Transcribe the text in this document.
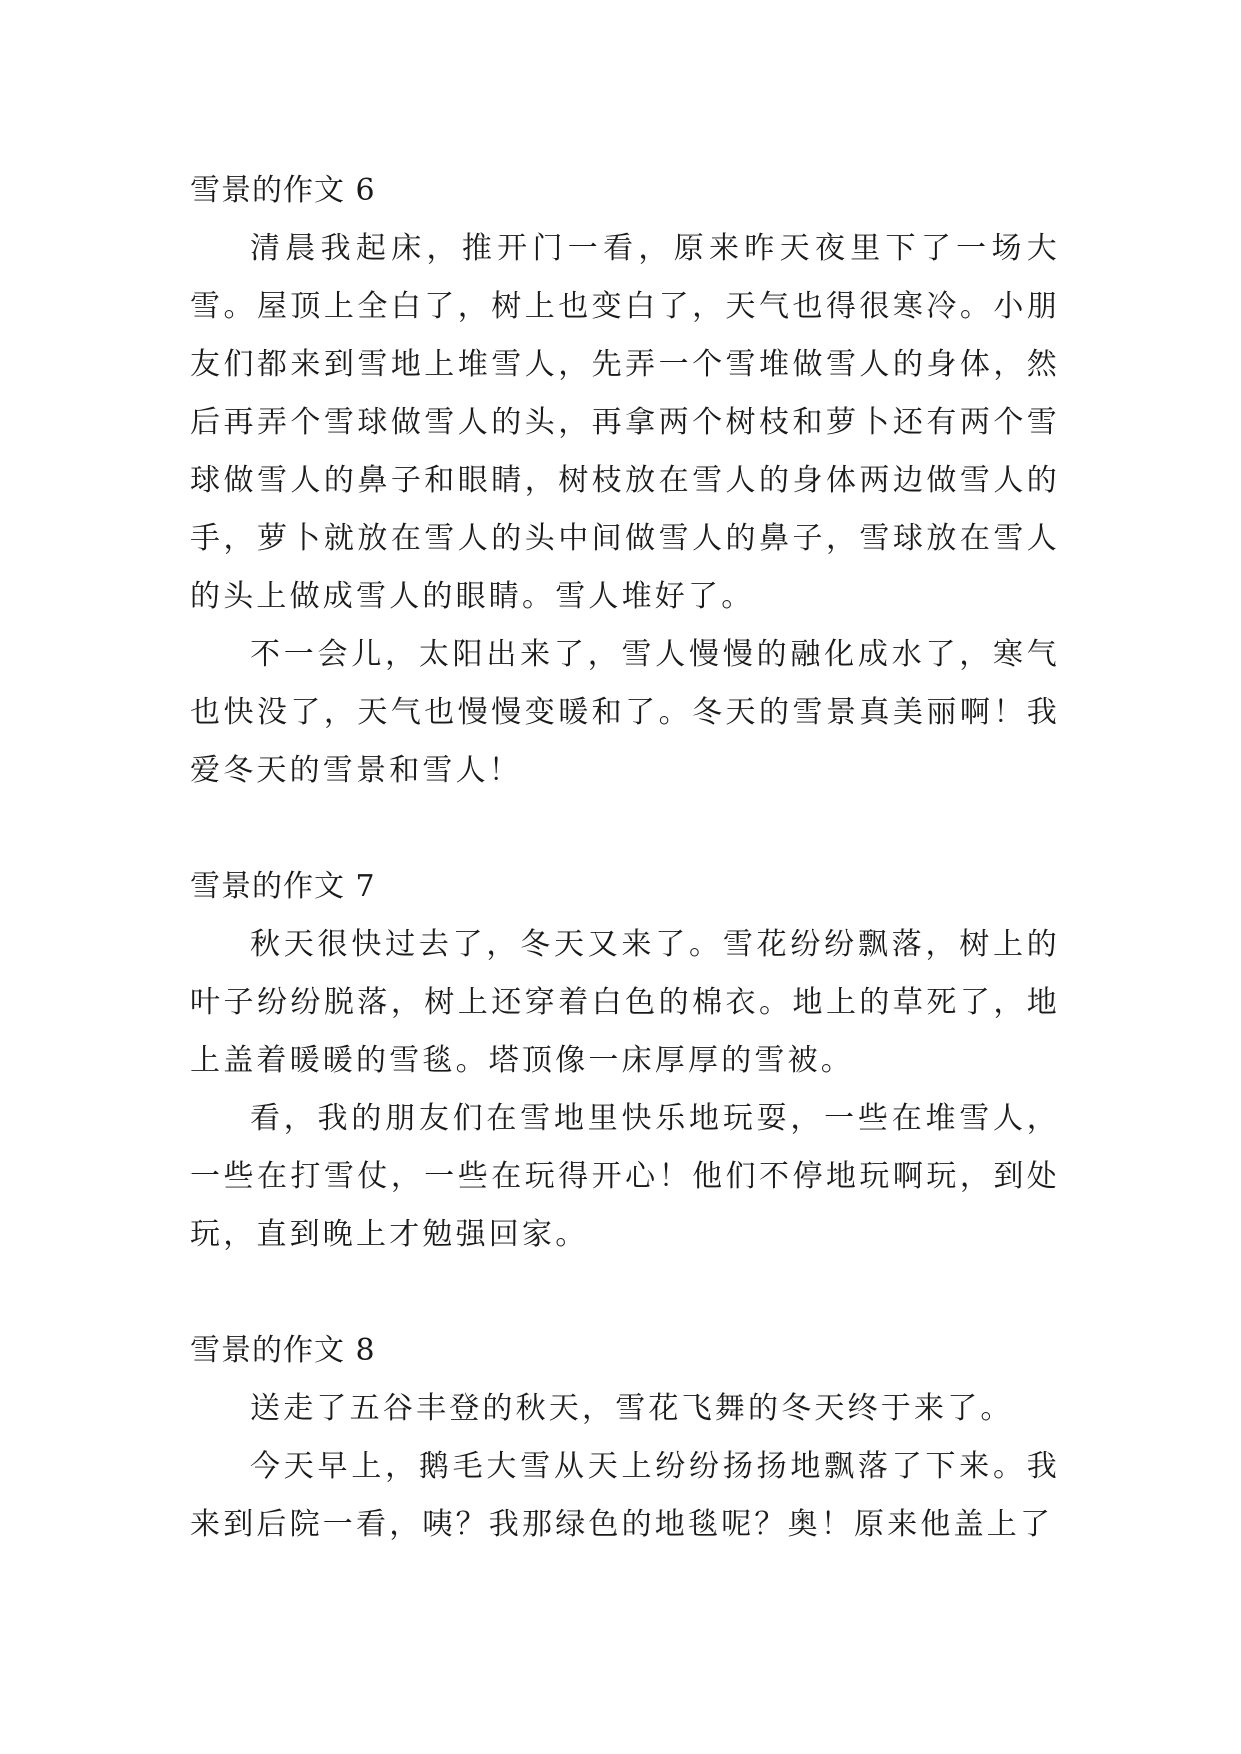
雪景的作文 6

清晨我起床，推开门一看，原来昨天夜里下了一场大雪。屋顶上全白了，树上也变白了，天气也得很寒冷。小朋友们都来到雪地上堆雪人，先弄一个雪堆做雪人的身体，然后再弄个雪球做雪人的头，再拿两个树枝和萝卜还有两个雪球做雪人的鼻子和眼睛，树枝放在雪人的身体两边做雪人的手，萝卜就放在雪人的头中间做雪人的鼻子，雪球放在雪人的头上做成雪人的眼睛。雪人堆好了。

不一会儿，太阳出来了，雪人慢慢的融化成水了，寒气也快没了，天气也慢慢变暖和了。冬天的雪景真美丽啊！我爱冬天的雪景和雪人！

雪景的作文 7

秋天很快过去了，冬天又来了。雪花纷纷飘落，树上的叶子纷纷脱落，树上还穿着白色的棉衣。地上的草死了，地上盖着暖暖的雪毯。塔顶像一床厚厚的雪被。

看，我的朋友们在雪地里快乐地玩耍，一些在堆雪人，一些在打雪仗，一些在玩得开心！他们不停地玩啊玩，到处玩，直到晚上才勉强回家。

雪景的作文 8

送走了五谷丰登的秋天，雪花飞舞的冬天终于来了。

今天早上，鹅毛大雪从天上纷纷扬扬地飘落了下来。我来到后院一看，咦？我那绿色的地毯呢？奥！原来他盖上了
